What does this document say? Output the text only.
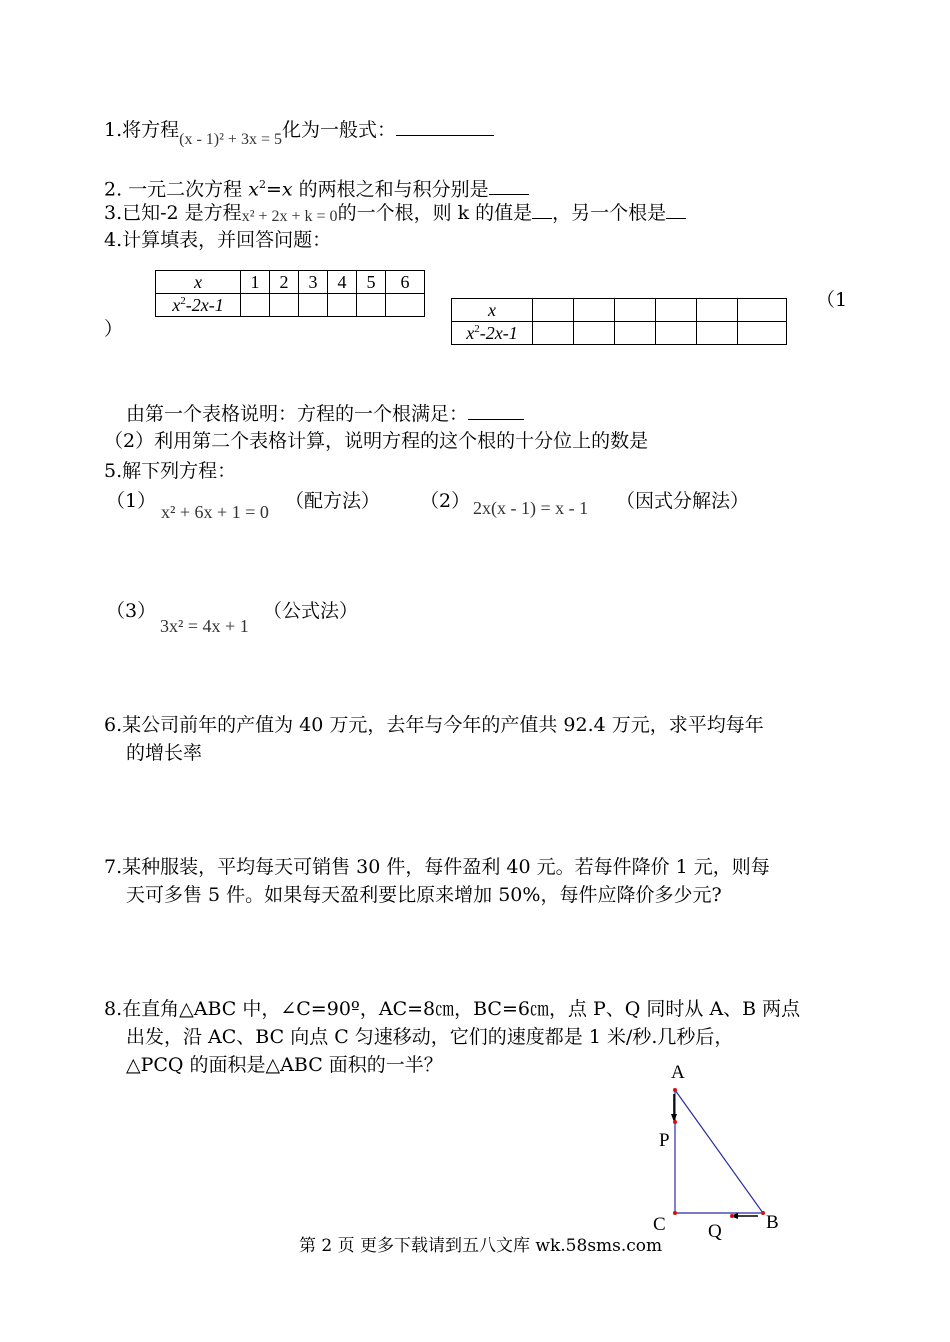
1.将方程$_{(x - 1)^2 + 3x = 5}$化为一般式：
2. 一元二次方程 $x^2=x$ 的两根之和与积分别是
3.已知-2 是方程x² + 2x + k = 0的一个根，则 k 的值是 ，另一个根是
4.计算填表，并回答问题：
x	1	2	3	4	5	6
$x^2-2x-1$							（1
）
x						
$x^2-2x-1$						
由第一个表格说明：方程的一个根满足：
（2）利用第二个表格计算，说明方程的这个根的十分位上的数是
5.解下列方程：
（1） x² + 6x + 1 = 0 （配方法） （2） 2x(x - 1) = x - 1 （因式分解法）
（3）
3x² = 4x + 1
（公式法）
6.某公司前年的产值为 40 万元，去年与今年的产值共 92.4 万元，求平均每年
的增长率
7.某种服装，平均每天可销售 30 件，每件盈利 40 元。若每件降价 1 元，则每
天可多售 5 件。如果每天盈利要比原来增加 50%，每件应降价多少元?
8.在直角△ABC 中，∠C=90º，AC=8㎝，BC=6㎝，点 P、Q 同时从 A、B 两点
出发，沿 AC、BC 向点 C 匀速移动，它们的速度都是 1 米/秒.几秒后，
△PCQ 的面积是△ABC 面积的一半？	A
P
C Q B
第 2 页 更多下载请到五八文库 wk.58sms.com
